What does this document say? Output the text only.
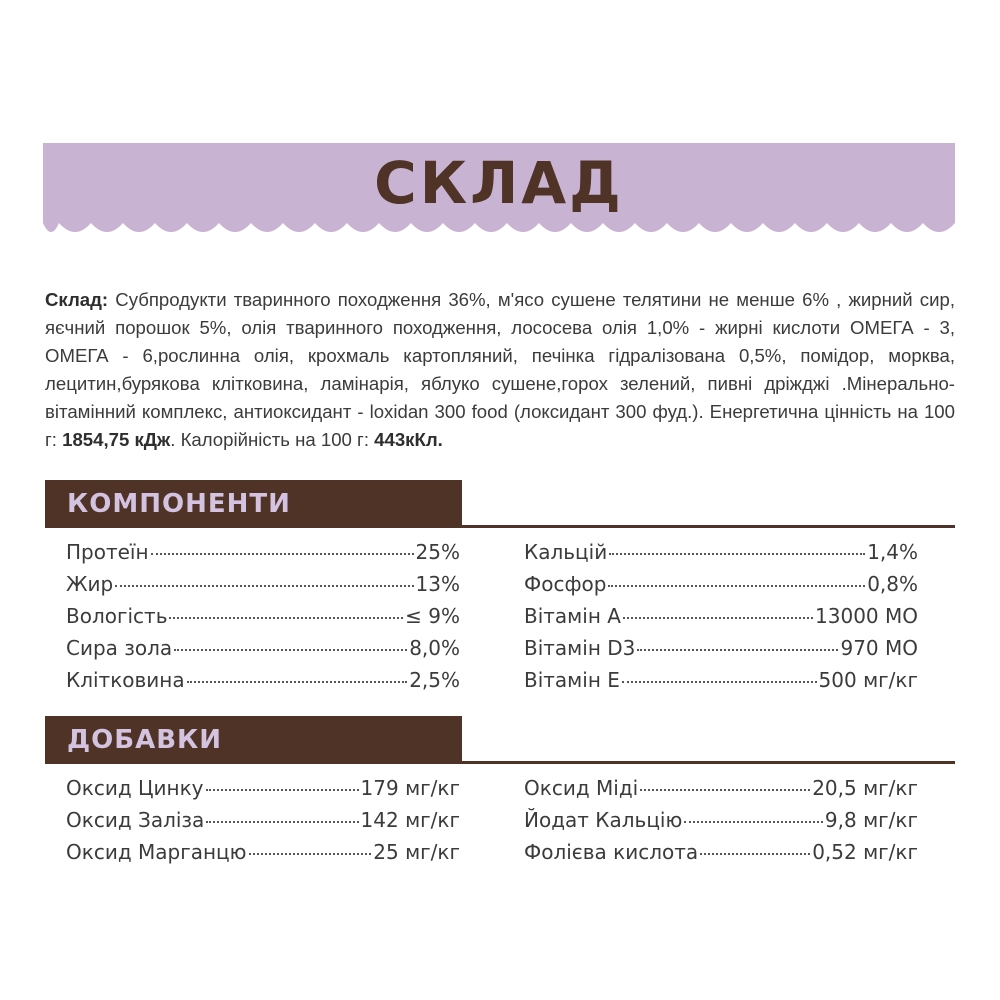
СКЛАД
Склад: Субпродукти тваринного походження 36%, м'ясо сушене телятини не менше 6% , жирний сир, яєчний порошок 5%, олія тваринного походження, лососева олія 1,0% - жирні кислоти ОМЕГА - 3, ОМЕГА - 6,рослинна олія, крохмаль картопляний, печінка гідралізована 0,5%, помідор, морква, лецитин,бурякова клітковина, ламінарія, яблуко сушене,горох зелений, пивні дріжджі .Мінерально-вітамінний комплекс, антиоксидант - loxidan 300 food (локсидант 300 фуд.). Енергетична цінність на 100 г: 1854,75 кДж. Калорійність на 100 г: 443кКл.
КОМПОНЕНТИ
Протеїн	25%
Жир	13%
Вологість	≤ 9%
Сира зола	8,0%
Клітковина	2,5%
Кальцій	1,4%
Фосфор	0,8%
Вітамін А	13000 МО
Вітамін D3	970 МО
Вітамін Е	500 мг/кг
ДОБАВКИ
Оксид Цинку	179 мг/кг
Оксид Заліза	142 мг/кг
Оксид Марганцю	25 мг/кг
Оксид Міді	20,5 мг/кг
Йодат Кальцію	9,8 мг/кг
Фолієва кислота	0,52 мг/кг
